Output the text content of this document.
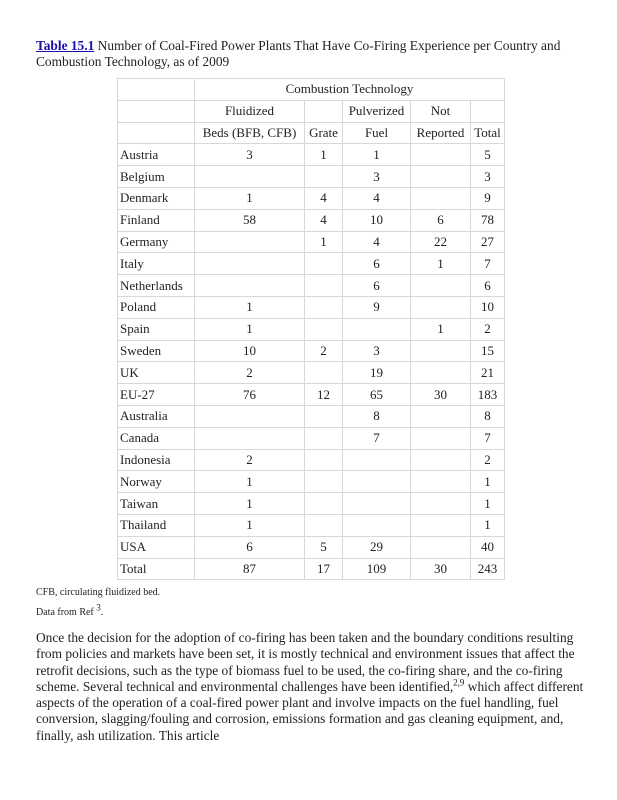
Table 15.1 Number of Coal-Fired Power Plants That Have Co-Firing Experience per Country and Combustion Technology, as of 2009
	Combustion Technology				
	Fluidized		Pulverized	Not	
	Beds (BFB, CFB)	Grate	Fuel	Reported	Total
Austria	3	1	1		5
Belgium			3		3
Denmark	1	4	4		9
Finland	58	4	10	6	78
Germany		1	4	22	27
Italy			6	1	7
Netherlands			6		6
Poland	1		9		10
Spain	1			1	2
Sweden	10	2	3		15
UK	2		19		21
EU-27	76	12	65	30	183
Australia			8		8
Canada			7		7
Indonesia	2				2
Norway	1				1
Taiwan	1				1
Thailand	1				1
USA	6	5	29		40
Total	87	17	109	30	243
CFB, circulating fluidized bed.
Data from Ref $^3$.
Once the decision for the adoption of co-firing has been taken and the boundary conditions resulting from policies and markets have been set, it is mostly technical and environment issues that affect the retrofit decisions, such as the type of biomass fuel to be used, the co-firing share, and the co-firing scheme. Several technical and environmental challenges have been identified,$^{2,9}$ which affect different aspects of the operation of a coal-fired power plant and involve impacts on the fuel handling, fuel conversion, slagging/fouling and corrosion, emissions formation and gas cleaning equipment, and, finally, ash utilization. This article
